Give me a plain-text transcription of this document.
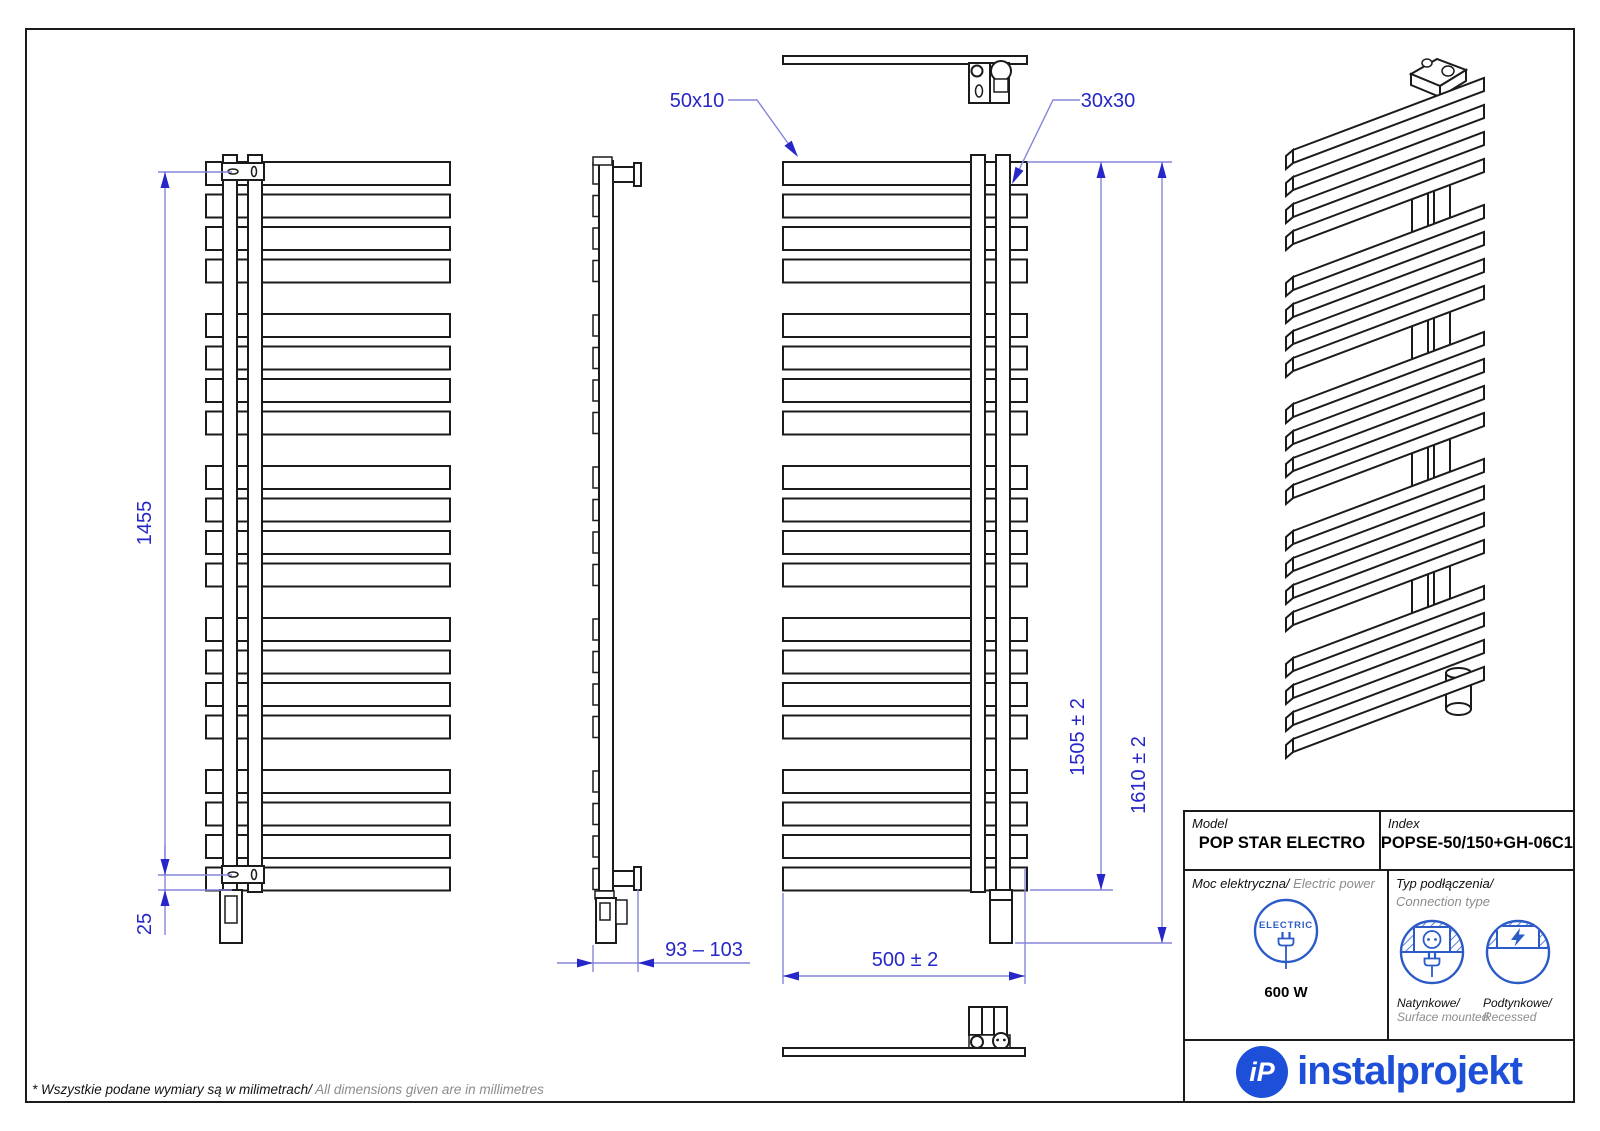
1455
25
93 – 103
50x10	30x30
1505 ± 2 1610 ± 2
500 ± 2
Model
POP STAR ELECTRO
Index
POPSE-50/150+GH-06C1
Moc elektryczna/ Electric power
ELECTRIC
600 W
Typ podłączenia/
Connection type
Natynkowe/
Surface mounted
Podtynkowe/
Recessed
iP instalprojekt
* Wszystkie podane wymiary są w milimetrach/ All dimensions given are in millimetres
